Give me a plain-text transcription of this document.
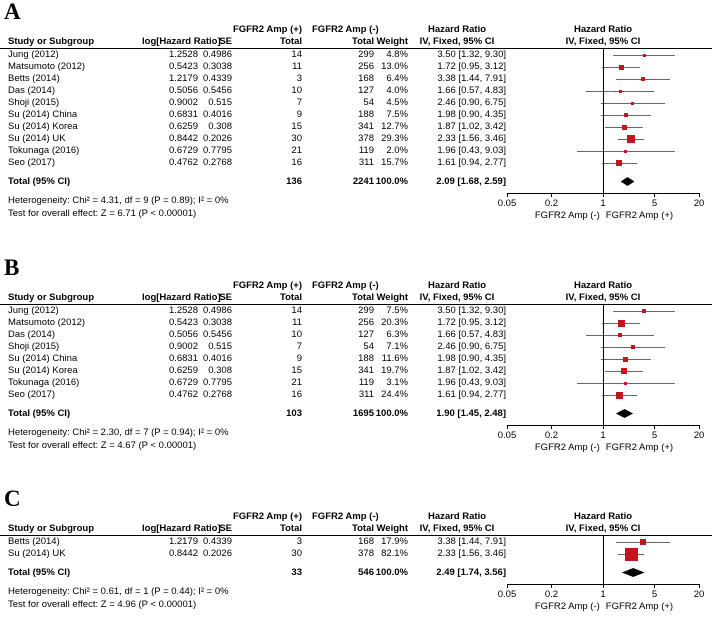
A
FGFR2 Amp (+)	FGFR2 Amp (-)	Hazard Ratio	Hazard Ratio
Study or Subgroup	log[Hazard Ratio]
SE	Total	Total Weight	IV, Fixed, 95% CI	IV, Fixed, 95% CI
Jung (2012)	1.2528 0.4986	14	299	4.8%	3.50 [1.32, 9.30]
Matsumoto (2012)	0.5423 0.3038	11	256 13.0%	1.72 [0.95, 3.12]
Betts (2014)	1.2179 0.4339	3	168	6.4%	3.38 [1.44, 7.91]
Das (2014)	0.5056 0.5456	10	127	4.0%	1.66 [0.57, 4.83]
Shoji (2015)	0.9002	0.515	7	54	4.5%	2.46 [0.90, 6.75]
Su (2014) China	0.6831 0.4016	9	188	7.5%	1.98 [0.90, 4.35]
Su (2014) Korea	0.6259	0.308	15	341 12.7%	1.87 [1.02, 3.42]
Su (2014) UK	0.8442 0.2026	30	378 29.3%	2.33 [1.56, 3.46]
Tokunaga (2016)	0.6729 0.7795	21	119	2.0%	1.96 [0.43, 9.03]
Seo (2017)	0.4762 0.2768	16	311 15.7%	1.61 [0.94, 2.77]
Total (95% CI)	136	2241 100.0%	2.09 [1.68, 2.59]
Heterogeneity: Chi² = 4.31, df = 9 (P = 0.89); I² = 0%
Test for overall effect: Z = 6.71 (P < 0.00001)
0.05	0.2	1	5	20
FGFR2 Amp (-) FGFR2 Amp (+)
B
FGFR2 Amp (+)	FGFR2 Amp (-)	Hazard Ratio	Hazard Ratio
Study or Subgroup	log[Hazard Ratio]
SE	Total	Total Weight	IV, Fixed, 95% CI	IV, Fixed, 95% CI
Jung (2012)	1.2528 0.4986	14	299	7.5%	3.50 [1.32, 9.30]
Matsumoto (2012)	0.5423 0.3038	11	256 20.3%	1.72 [0.95, 3.12]
Das (2014)	0.5056 0.5456	10	127	6.3%	1.66 [0.57, 4.83]
Shoji (2015)	0.9002	0.515	7	54	7.1%	2.46 [0.90, 6.75]
Su (2014) China	0.6831 0.4016	9	188 11.6%	1.98 [0.90, 4.35]
Su (2014) Korea	0.6259	0.308	15	341 19.7%	1.87 [1.02, 3.42]
Tokunaga (2016)	0.6729 0.7795	21	119	3.1%	1.96 [0.43, 9.03]
Seo (2017)	0.4762 0.2768	16	311 24.4%	1.61 [0.94, 2.77]
Total (95% CI)	103	1695 100.0%	1.90 [1.45, 2.48]
Heterogeneity: Chi² = 2.30, df = 7 (P = 0.94); I² = 0%
Test for overall effect: Z = 4.67 (P < 0.00001)
0.05	0.2	1	5	20
FGFR2 Amp (-) FGFR2 Amp (+)
C
FGFR2 Amp (+)	FGFR2 Amp (-)	Hazard Ratio	Hazard Ratio
Study or Subgroup	log[Hazard Ratio]
SE	Total	Total Weight	IV, Fixed, 95% CI	IV, Fixed, 95% CI
Betts (2014)	1.2179 0.4339	3	168 17.9%	3.38 [1.44, 7.91]
Su (2014) UK	0.8442 0.2026	30	378 82.1%	2.33 [1.56, 3.46]
Total (95% CI)	33	546 100.0%	2.49 [1.74, 3.56]
Heterogeneity: Chi² = 0.61, df = 1 (P = 0.44); I² = 0%
Test for overall effect: Z = 4.96 (P < 0.00001)
0.05	0.2	1	5	20
FGFR2 Amp (-) FGFR2 Amp (+)
